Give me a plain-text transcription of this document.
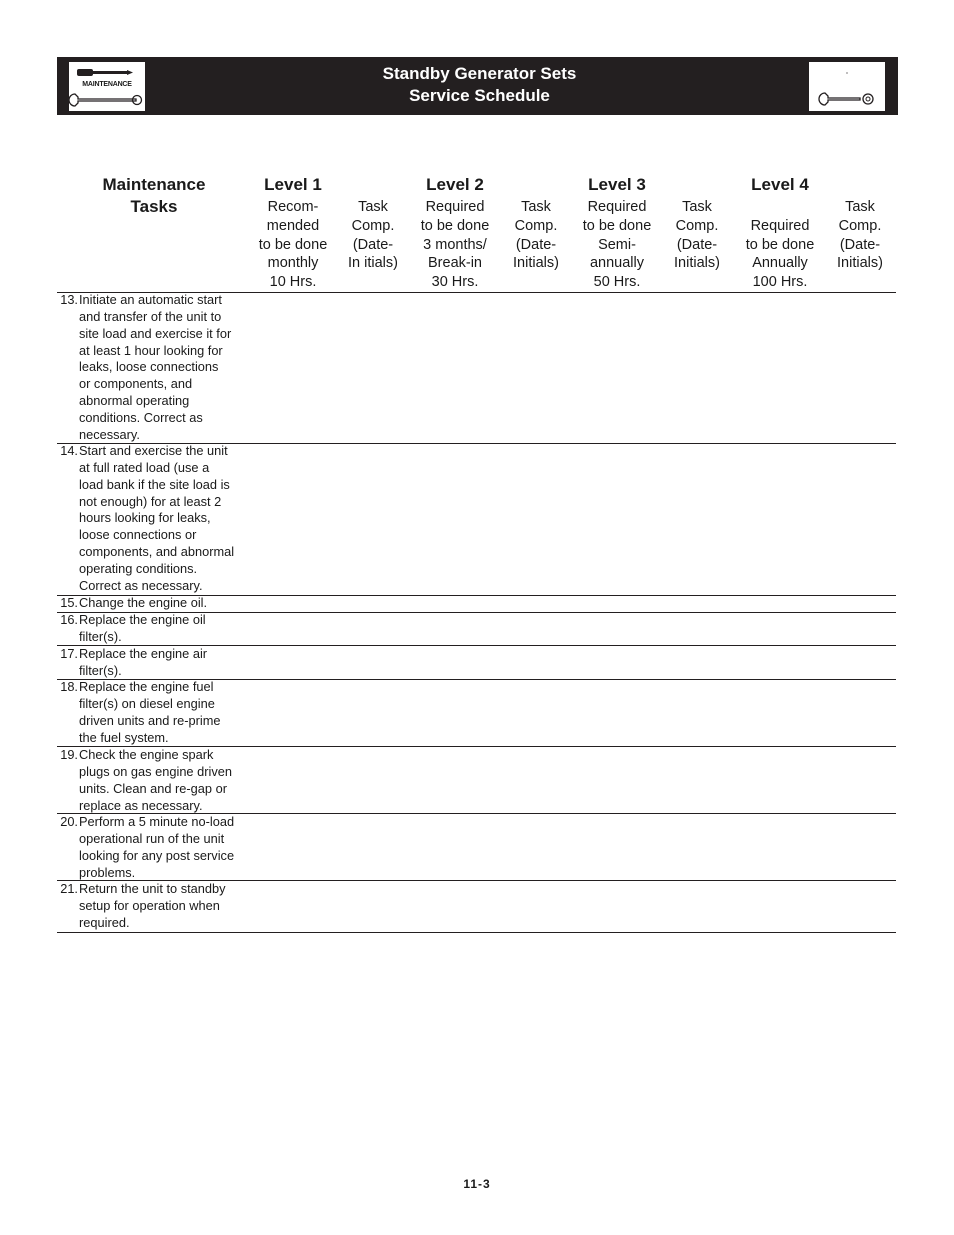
MAINTENANCE
Standby Generator Sets
Service Schedule
Maintenance
Tasks
Level 1
Recom-
mended
to be done
monthly
10 Hrs.
Task
Comp.
(Date-
In itials)
Level 2
Required
to be done
3 months/
Break-in
30 Hrs.
Task
Comp.
(Date-
Initials)
Level 3
Required
to be done
Semi-
annually
50 Hrs.
Task
Comp.
(Date-
Initials)
Level 4

Required
to be done
Annually
100 Hrs.
Task
Comp.
(Date-
Initials)
13. Initiate an automatic start
and transfer of the unit to
site load and exercise it for
at least 1 hour looking for
leaks, loose connections
or components, and
abnormal operating
conditions. Correct as
necessary.
14. Start and exercise the unit
at full rated load (use a
load bank if the site load is
not enough) for at least 2
hours looking for leaks,
loose connections or
components, and abnormal
operating conditions.
Correct as necessary.
15. Change the engine oil.
16. Replace the engine oil
filter(s).
17. Replace the engine air
filter(s).
18. Replace the engine fuel
filter(s) on diesel engine
driven units and re-prime
the fuel system.
19. Check the engine spark
plugs on gas engine driven
units. Clean and re-gap or
replace as necessary.
20. Perform a 5 minute no-load
operational run of the unit
looking for any post service
problems.
21. Return the unit to standby
setup for operation when
required.
11-3
